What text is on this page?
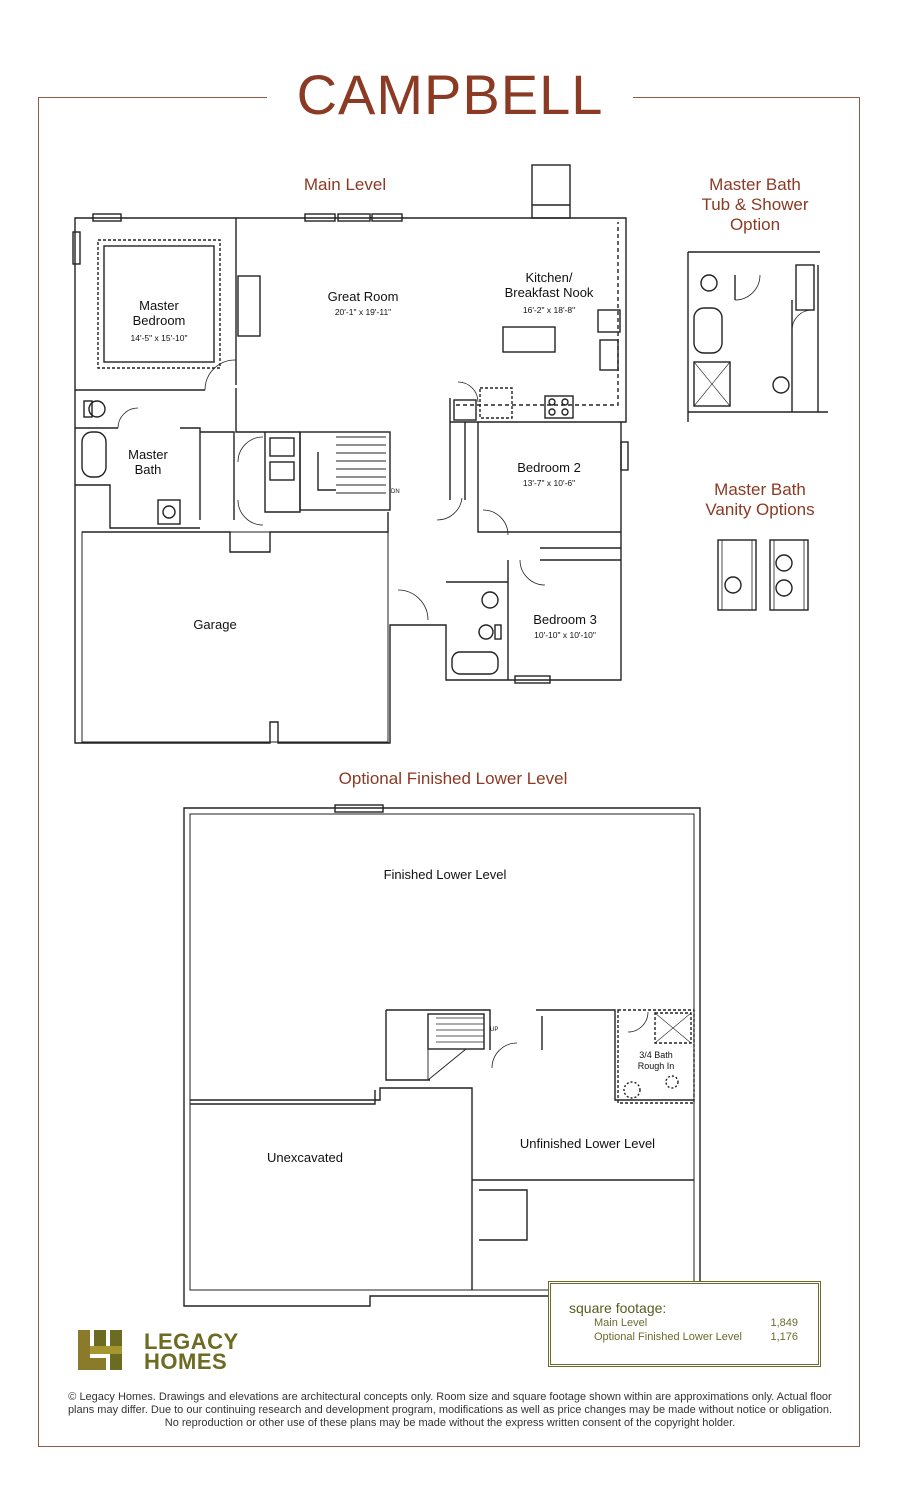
CAMPBELL
Main Level	Master Bath
Tub & Shower
Option
Master Bath
Vanity Options
Optional Finished Lower Level

Master
Bedroom

14'-5" x 15'-10"

Great Room
20'-1" x 19'-11"

Kitchen/
Breakfast Nook

16'-2" x 18'-8"

Master
Bath	Bedroom 2
13'-7" x 10'-6"
Bedroom 3
10'-10" x 10'-10"
Garage
DN
Finished Lower Level
Unexcavated
Unfinished Lower Level
3/4 Bath
Rough In
UP
square footage:
Main Level	1,849
Optional Finished Lower Level	1,176
LEGACY
HOMES
© Legacy Homes. Drawings and elevations are architectural concepts only. Room size and square footage shown within are approximations only. Actual floor plans may differ. Due to our continuing research and development program, modifications as well as price changes may be made without notice or obligation. No reproduction or other use of these plans may be made without the express written consent of the copyright holder.
